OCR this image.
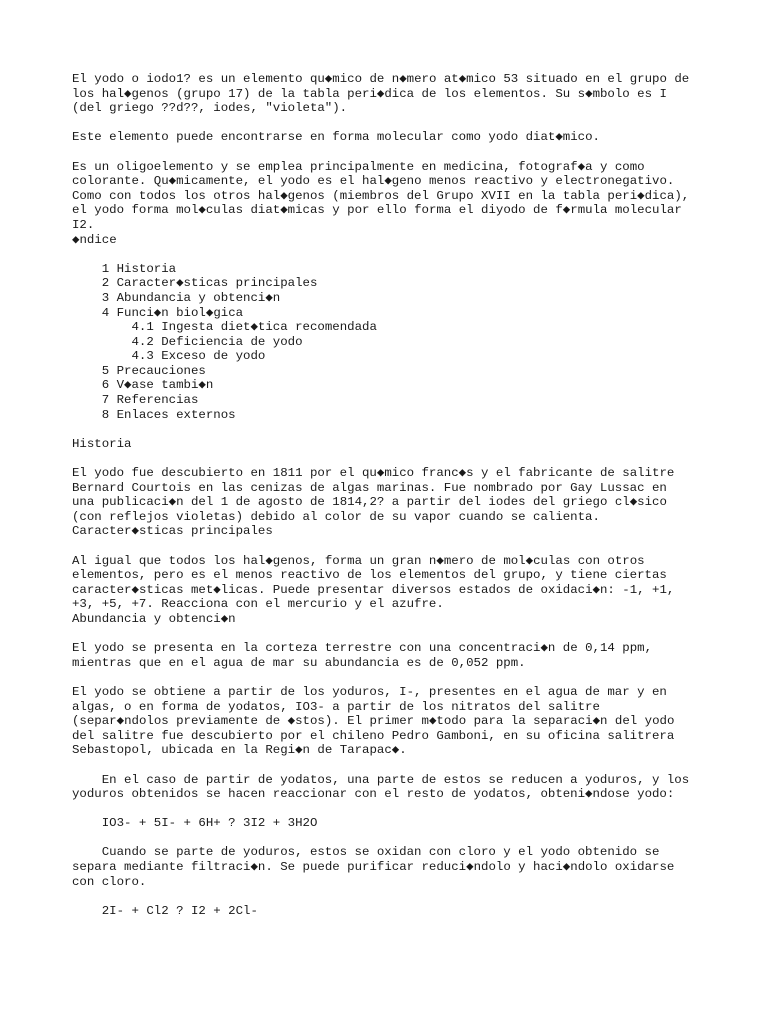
El yodo o iodo1? es un elemento qu◆mico de n◆mero at◆mico 53 situado en el grupo de
los hal◆genos (grupo 17) de la tabla peri◆dica de los elementos. Su s◆mbolo es I
(del griego ??d??, iodes, "violeta").
Este elemento puede encontrarse en forma molecular como yodo diat◆mico.
Es un oligoelemento y se emplea principalmente en medicina, fotograf◆a y como
colorante. Qu◆micamente, el yodo es el hal◆geno menos reactivo y electronegativo.
Como con todos los otros hal◆genos (miembros del Grupo XVII en la tabla peri◆dica),
el yodo forma mol◆culas diat◆micas y por ello forma el diyodo de f◆rmula molecular
I2.
◆ndice
1 Historia
2 Caracter◆sticas principales
3 Abundancia y obtenci◆n
4 Funci◆n biol◆gica
4.1 Ingesta diet◆tica recomendada
4.2 Deficiencia de yodo
4.3 Exceso de yodo
5 Precauciones
6 V◆ase tambi◆n
7 Referencias
8 Enlaces externos
Historia
El yodo fue descubierto en 1811 por el qu◆mico franc◆s y el fabricante de salitre
Bernard Courtois en las cenizas de algas marinas. Fue nombrado por Gay Lussac en
una publicaci◆n del 1 de agosto de 1814,2? a partir del iodes del griego cl◆sico
(con reflejos violetas) debido al color de su vapor cuando se calienta.
Caracter◆sticas principales
Al igual que todos los hal◆genos, forma un gran n◆mero de mol◆culas con otros
elementos, pero es el menos reactivo de los elementos del grupo, y tiene ciertas
caracter◆sticas met◆licas. Puede presentar diversos estados de oxidaci◆n: -1, +1,
+3, +5, +7. Reacciona con el mercurio y el azufre.
Abundancia y obtenci◆n
El yodo se presenta en la corteza terrestre con una concentraci◆n de 0,14 ppm,
mientras que en el agua de mar su abundancia es de 0,052 ppm.
El yodo se obtiene a partir de los yoduros, I-, presentes en el agua de mar y en
algas, o en forma de yodatos, IO3- a partir de los nitratos del salitre
(separ◆ndolos previamente de ◆stos). El primer m◆todo para la separaci◆n del yodo
del salitre fue descubierto por el chileno Pedro Gamboni, en su oficina salitrera
Sebastopol, ubicada en la Regi◆n de Tarapac◆.
En el caso de partir de yodatos, una parte de estos se reducen a yoduros, y los
yoduros obtenidos se hacen reaccionar con el resto de yodatos, obteni◆ndose yodo:
IO3- + 5I- + 6H+ ? 3I2 + 3H2O
Cuando se parte de yoduros, estos se oxidan con cloro y el yodo obtenido se
separa mediante filtraci◆n. Se puede purificar reduci◆ndolo y haci◆ndolo oxidarse
con cloro.
2I- + Cl2 ? I2 + 2Cl-
